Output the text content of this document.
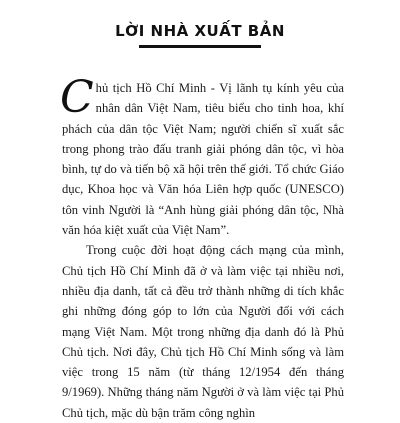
LỜI NHÀ XUẤT BẢN

Chủ tịch Hồ Chí Minh - Vị lãnh tụ kính yêu của nhân dân Việt Nam, tiêu biểu cho tinh hoa, khí phách của dân tộc Việt Nam; người chiến sĩ xuất sắc trong phong trào đấu tranh giải phóng dân tộc, vì hòa bình, tự do và tiến bộ xã hội trên thế giới. Tổ chức Giáo dục, Khoa học và Văn hóa Liên hợp quốc (UNESCO) tôn vinh Người là “Anh hùng giải phóng dân tộc, Nhà văn hóa kiệt xuất của Việt Nam”.

Trong cuộc đời hoạt động cách mạng của mình, Chủ tịch Hồ Chí Minh đã ở và làm việc tại nhiều nơi, nhiều địa danh, tất cả đều trở thành những di tích khắc ghi những đóng góp to lớn của Người đối với cách mạng Việt Nam. Một trong những địa danh đó là Phủ Chủ tịch. Nơi đây, Chủ tịch Hồ Chí Minh sống và làm việc trong 15 năm (từ tháng 12/1954 đến tháng 9/1969). Những tháng năm Người ở và làm việc tại Phủ Chủ tịch, mặc dù bận trăm công nghìn
